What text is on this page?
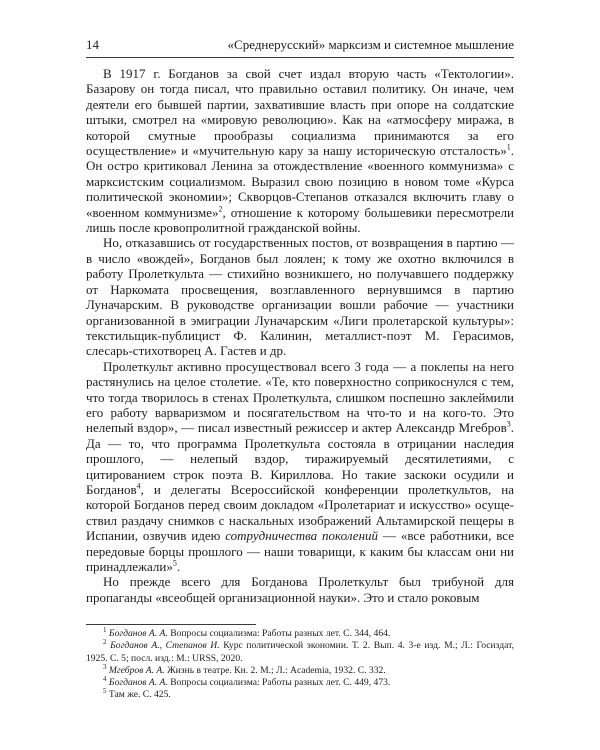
14	«Среднерусский» марксизм и системное мышление

В 1917 г. Богданов за свой счет издал вторую часть «Тектологии». Базарову он тогда писал, что правильно оставил политику. Он иначе, чем деятели его бывшей партии, захватившие власть при опоре на солдатские штыки, смотрел на «мировую революцию». Как на «атмосферу миража, в которой смутные прообразы социализма принимаются за его осуществление» и «мучительную кару за нашу историческую отсталость»$^1$. Он остро критиковал Ленина за отождествление «военного коммунизма» с марксистским социализмом. Выразил свою позицию в новом томе «Курса политической экономии»; Скворцов-Степанов отказался включить главу о «военном коммунизме»$^2$, отношение к которому большевики пересмотрели лишь после кровопролитной гражданской войны.

Но, отказавшись от государственных постов, от возвращения в партию — в число «вождей», Богданов был лоялен; к тому же охотно включился в работу Пролеткульта — стихийно возникшего, но получавшего поддержку от Наркомата просвещения, возглавленного вернувшимся в партию Луначарским. В руководстве организации вошли рабочие — участники организованной в эмиграции Луначарским «Лиги пролетарской культуры»: текстильщик-публицист Ф. Калинин, металлист-поэт М. Герасимов, слесарь-стихотворец А. Гастев и др.

Пролеткульт активно просуществовал всего 3 года — а поклепы на него растянулись на целое столетие. «Те, кто поверхностно соприкоснулся с тем, что тогда творилось в стенах Пролеткульта, слишком поспешно заклеймили его работу варваризмом и посягательством на что-то и на кого-то. Это нелепый вздор», — писал известный режиссер и актер Александр Мгебров$^3$. Да — то, что программа Пролеткульта состояла в отрицании наследия прошлого, — нелепый вздор, тиражируемый десятилетиями, с цитированием строк поэта В. Кириллова. Но такие заскоки осудили и Богданов$^4$, и делегаты Всероссийской конференции пролеткультов, на которой Богданов перед своим докладом «Пролетариат и искусство» осуществил раздачу снимков с наскальных изображений Альтамирской пещеры в Испании, озвучив идею сотрудничества поколений — «все работники, все передовые борцы прошлого — наши товарищи, к каким бы классам они ни принадлежали»$^5$.

Но прежде всего для Богданова Пролеткульт был трибуной для пропаганды «всеобщей организационной науки». Это и стало роковым

$^1$ Богданов А. А. Вопросы социализма: Работы разных лет. С. 344, 464.

$^2$ Богданов А., Степанов И. Курс политической экономии. Т. 2. Вып. 4. 3-е изд. М.; Л.: Госиздат, 1925. С. 5; посл. изд.: М.: URSS, 2020.

$^3$ Мгебров А. А. Жизнь в театре. Кн. 2. М.; Л.: Academia, 1932. С. 332.

$^4$ Богданов А. А. Вопросы социализма: Работы разных лет. С. 449, 473.

$^5$ Там же. С. 425.
